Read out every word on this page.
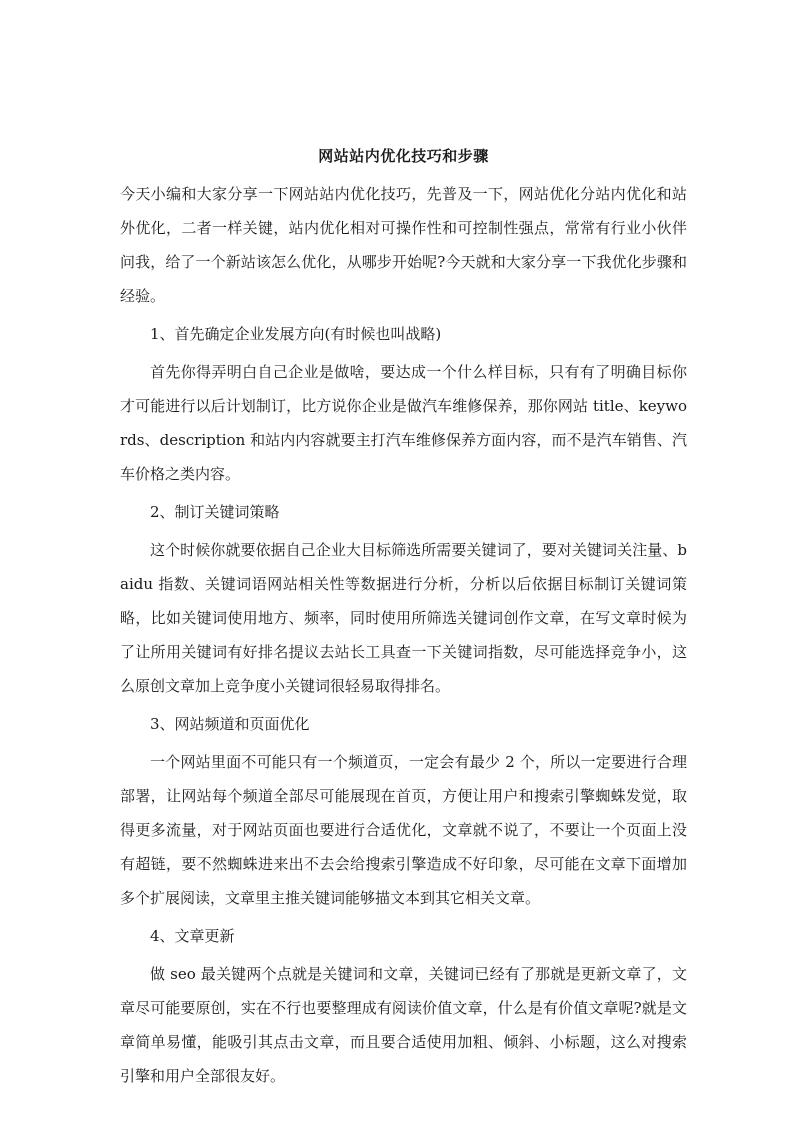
网站站内优化技巧和步骤

今天小编和大家分享一下网站站内优化技巧，先普及一下，网站优化分站内优化和站外优化，二者一样关键，站内优化相对可操作性和可控制性强点，常常有行业小伙伴问我，给了一个新站该怎么优化，从哪步开始呢?今天就和大家分享一下我优化步骤和经验。

1、首先确定企业发展方向(有时候也叫战略)

首先你得弄明白自己企业是做啥，要达成一个什么样目标，只有有了明确目标你才可能进行以后计划制订，比方说你企业是做汽车维修保养，那你网站 title、keywords、description 和站内内容就要主打汽车维修保养方面内容，而不是汽车销售、汽车价格之类内容。

2、制订关键词策略

这个时候你就要依据自己企业大目标筛选所需要关键词了，要对关键词关注量、baidu 指数、关键词语网站相关性等数据进行分析，分析以后依据目标制订关键词策略，比如关键词使用地方、频率，同时使用所筛选关键词创作文章，在写文章时候为了让所用关键词有好排名提议去站长工具查一下关键词指数，尽可能选择竞争小，这么原创文章加上竞争度小关键词很轻易取得排名。

3、网站频道和页面优化

一个网站里面不可能只有一个频道页，一定会有最少 2 个，所以一定要进行合理部署，让网站每个频道全部尽可能展现在首页，方便让用户和搜索引擎蜘蛛发觉，取得更多流量，对于网站页面也要进行合适优化，文章就不说了，不要让一个页面上没有超链，要不然蜘蛛进来出不去会给搜索引擎造成不好印象，尽可能在文章下面增加多个扩展阅读，文章里主推关键词能够描文本到其它相关文章。

4、文章更新

做 seo 最关键两个点就是关键词和文章，关键词已经有了那就是更新文章了，文章尽可能要原创，实在不行也要整理成有阅读价值文章，什么是有价值文章呢?就是文章简单易懂，能吸引其点击文章，而且要合适使用加粗、倾斜、小标题，这么对搜索引擎和用户全部很友好。
